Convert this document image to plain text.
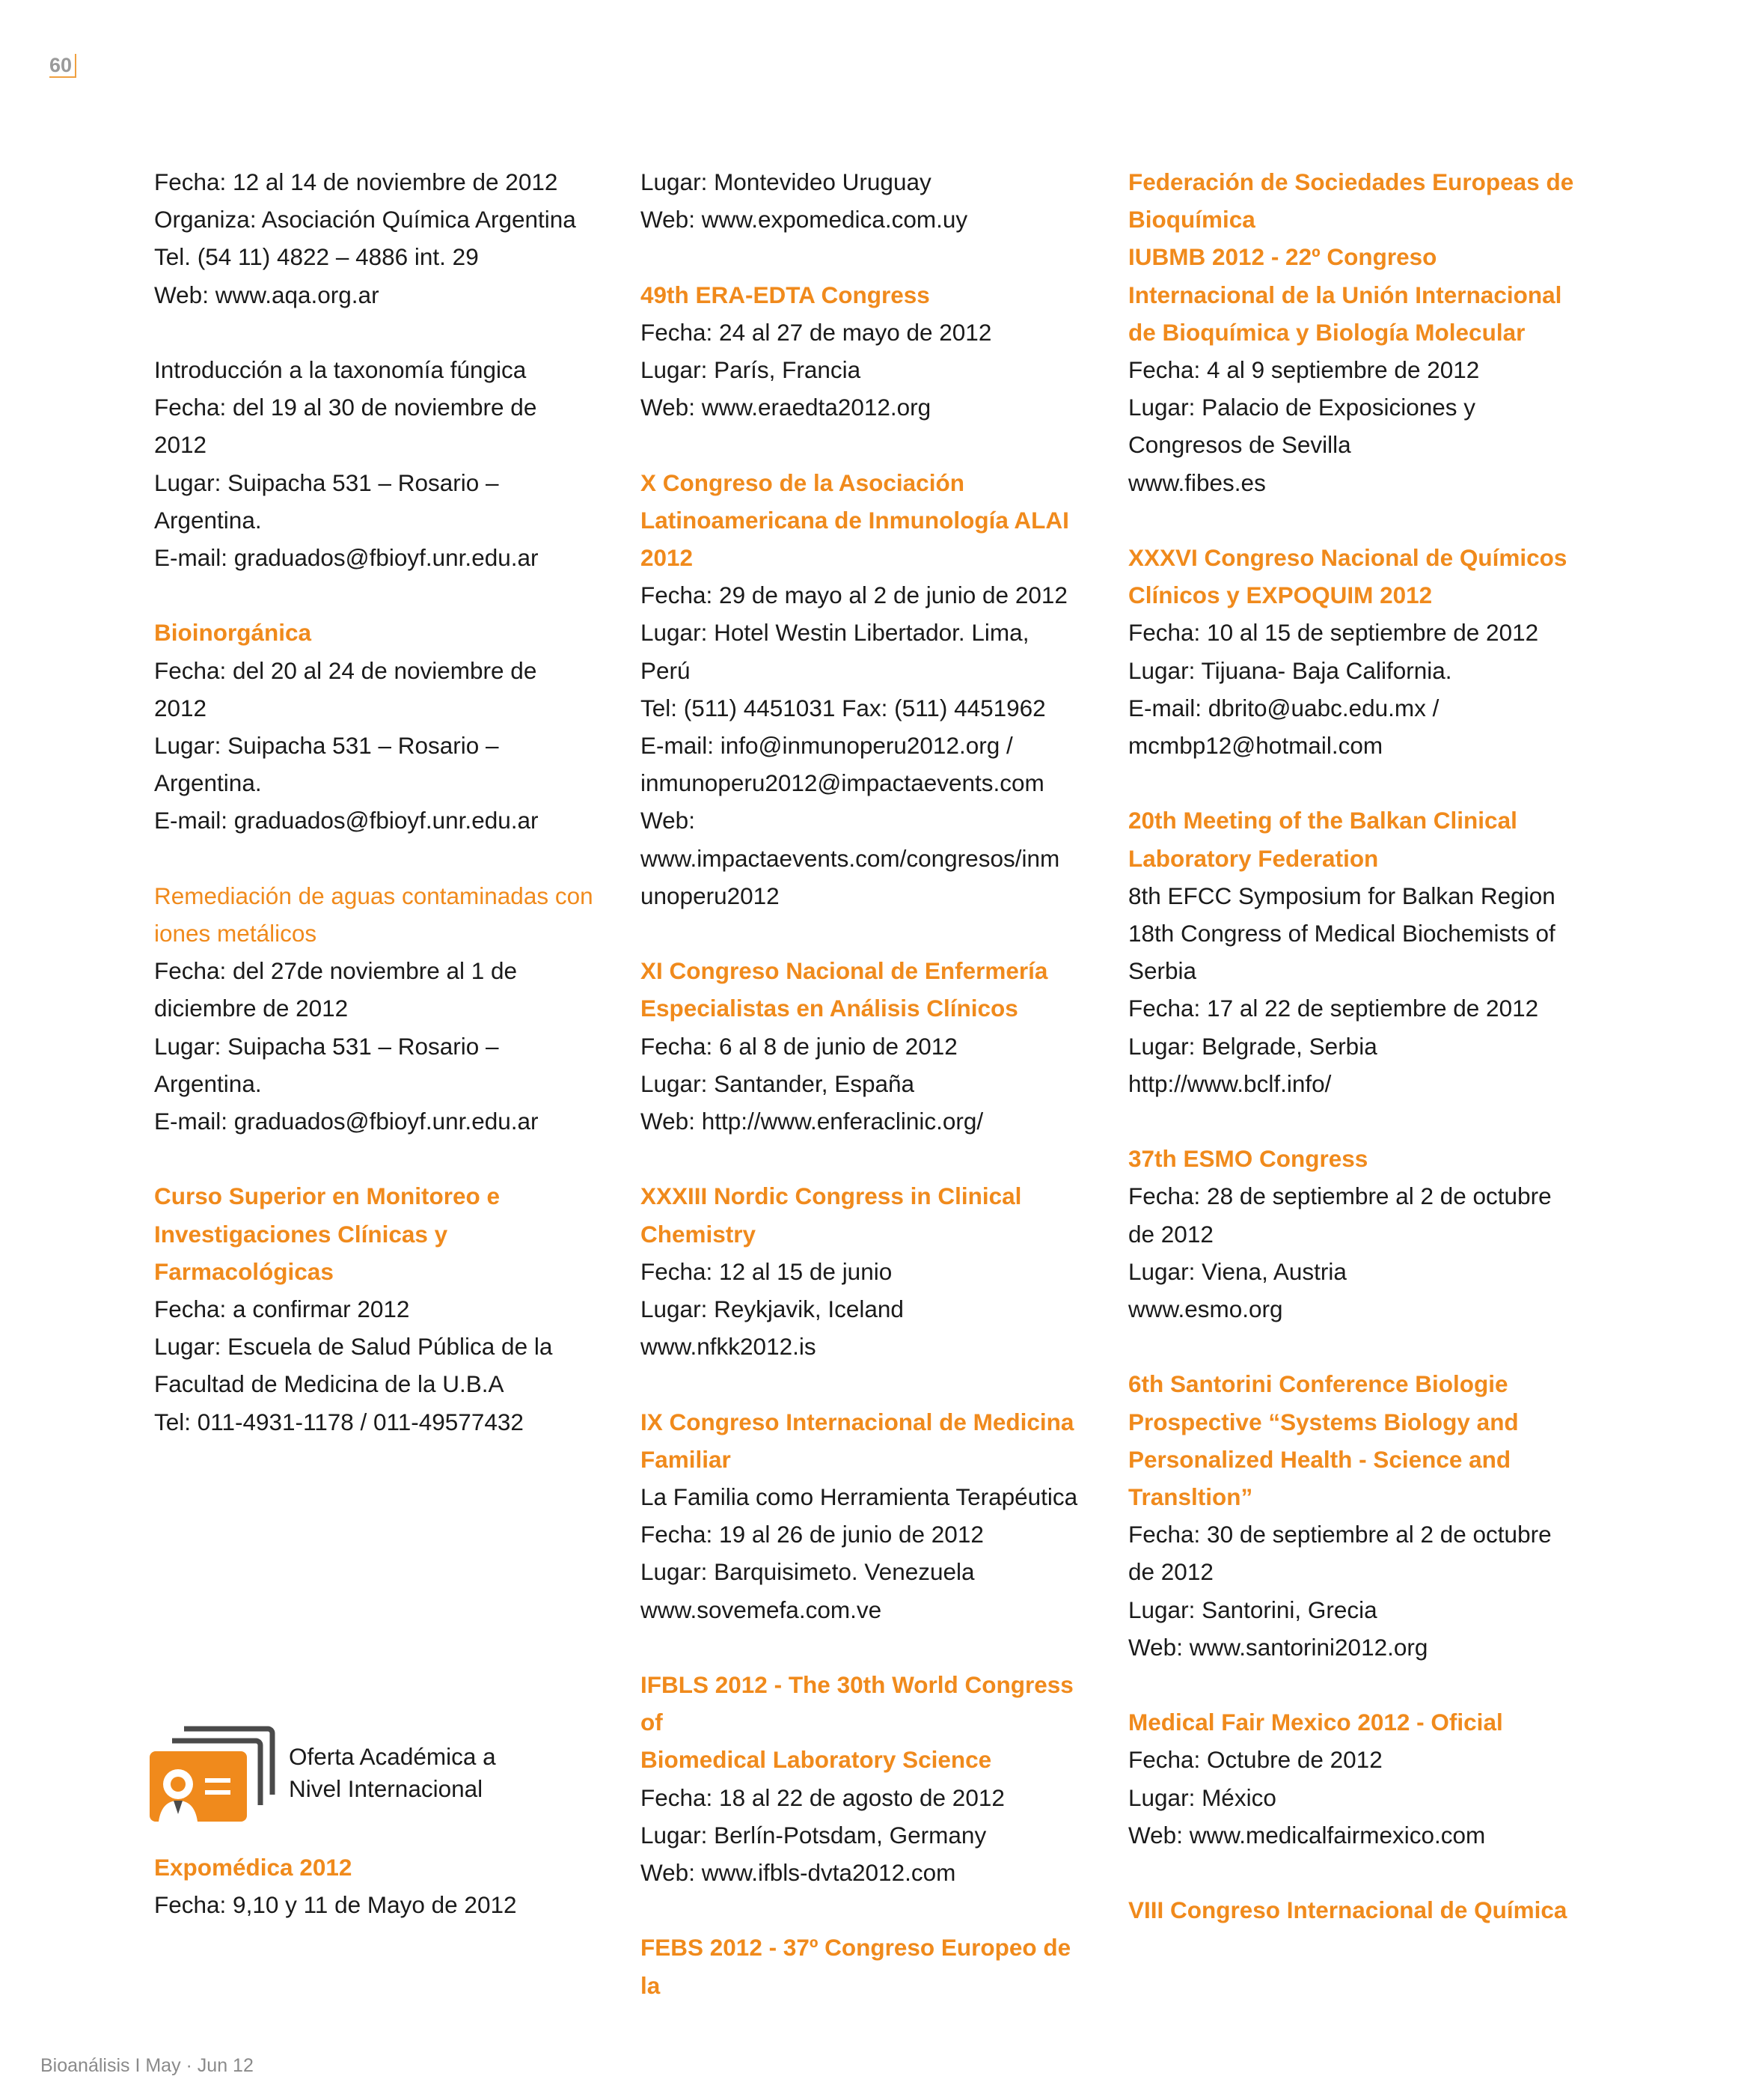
60
Fecha: 12 al 14 de noviembre de 2012
Organiza: Asociación Química Argentina
Tel. (54 11) 4822 – 4886 int. 29
Web: www.aqa.org.ar
Introducción a la taxonomía fúngica
Fecha: del 19 al 30 de noviembre de
2012
Lugar: Suipacha 531 – Rosario –
Argentina.
E-mail: graduados@fbioyf.unr.edu.ar
Bioinorgánica
Fecha: del 20 al 24 de noviembre de
2012
Lugar: Suipacha 531 – Rosario –
Argentina.
E-mail: graduados@fbioyf.unr.edu.ar
Remediación de aguas contaminadas con
iones metálicos
Fecha: del 27de noviembre al 1 de
diciembre de 2012
Lugar: Suipacha 531 – Rosario –
Argentina.
E-mail: graduados@fbioyf.unr.edu.ar
Curso Superior en Monitoreo e
Investigaciones Clínicas y
Farmacológicas
Fecha: a confirmar 2012
Lugar: Escuela de Salud Pública de la
Facultad de Medicina de la U.B.A
Tel: 011-4931-1178 / 011-49577432
Lugar: Montevideo Uruguay
Web: www.expomedica.com.uy
49th ERA-EDTA Congress
Fecha: 24 al 27 de mayo de 2012
Lugar: París, Francia
Web: www.eraedta2012.org
X Congreso de la Asociación
Latinoamericana de Inmunología ALAI
2012
Fecha: 29 de mayo al 2 de junio de 2012
Lugar: Hotel Westin Libertador. Lima,
Perú
Tel: (511) 4451031 Fax: (511) 4451962
E-mail: info@inmunoperu2012.org /
inmunoperu2012@impactaevents.com
Web:
www.impactaevents.com/congresos/inm
unoperu2012
XI Congreso Nacional de Enfermería
Especialistas en Análisis Clínicos
Fecha: 6 al 8 de junio de 2012
Lugar: Santander, España
Web: http://www.enferaclinic.org/
XXXIII Nordic Congress in Clinical
Chemistry
Fecha: 12 al 15 de junio
Lugar: Reykjavik, Iceland
www.nfkk2012.is
IX Congreso Internacional de Medicina
Familiar
La Familia como Herramienta Terapéutica
Fecha: 19 al 26 de junio de 2012
Lugar: Barquisimeto. Venezuela
www.sovemefa.com.ve
IFBLS 2012 - The 30th World Congress of
Biomedical Laboratory Science
Fecha: 18 al 22 de agosto de 2012
Lugar: Berlín-Potsdam, Germany
Web: www.ifbls-dvta2012.com
FEBS 2012 - 37º Congreso Europeo de la
Federación de Sociedades Europeas de
Bioquímica
IUBMB 2012 - 22º Congreso
Internacional de la Unión Internacional
de Bioquímica y Biología Molecular
Fecha: 4 al 9 septiembre de 2012
Lugar: Palacio de Exposiciones y
Congresos de Sevilla
www.fibes.es
XXXVI Congreso Nacional de Químicos
Clínicos y EXPOQUIM 2012
Fecha: 10 al 15 de septiembre de 2012
Lugar: Tijuana- Baja California.
E-mail: dbrito@uabc.edu.mx /
mcmbp12@hotmail.com
20th Meeting of the Balkan Clinical
Laboratory Federation
8th EFCC Symposium for Balkan Region
18th Congress of Medical Biochemists of
Serbia
Fecha: 17 al 22 de septiembre de 2012
Lugar: Belgrade, Serbia
http://www.bclf.info/
37th ESMO Congress
Fecha: 28 de septiembre al 2 de octubre
de 2012
Lugar: Viena, Austria
www.esmo.org
6th Santorini Conference Biologie
Prospective “Systems Biology and
Personalized Health - Science and
Transltion”
Fecha: 30 de septiembre al 2 de octubre
de 2012
Lugar: Santorini, Grecia
Web: www.santorini2012.org
Medical Fair Mexico 2012 - Oficial
Fecha: Octubre de 2012
Lugar: México
Web: www.medicalfairmexico.com
VIII Congreso Internacional de Química
Oferta Académica a
Nivel Internacional
Expomédica 2012
Fecha: 9,10 y 11 de Mayo de 2012
Bioanálisis I May · Jun 12
